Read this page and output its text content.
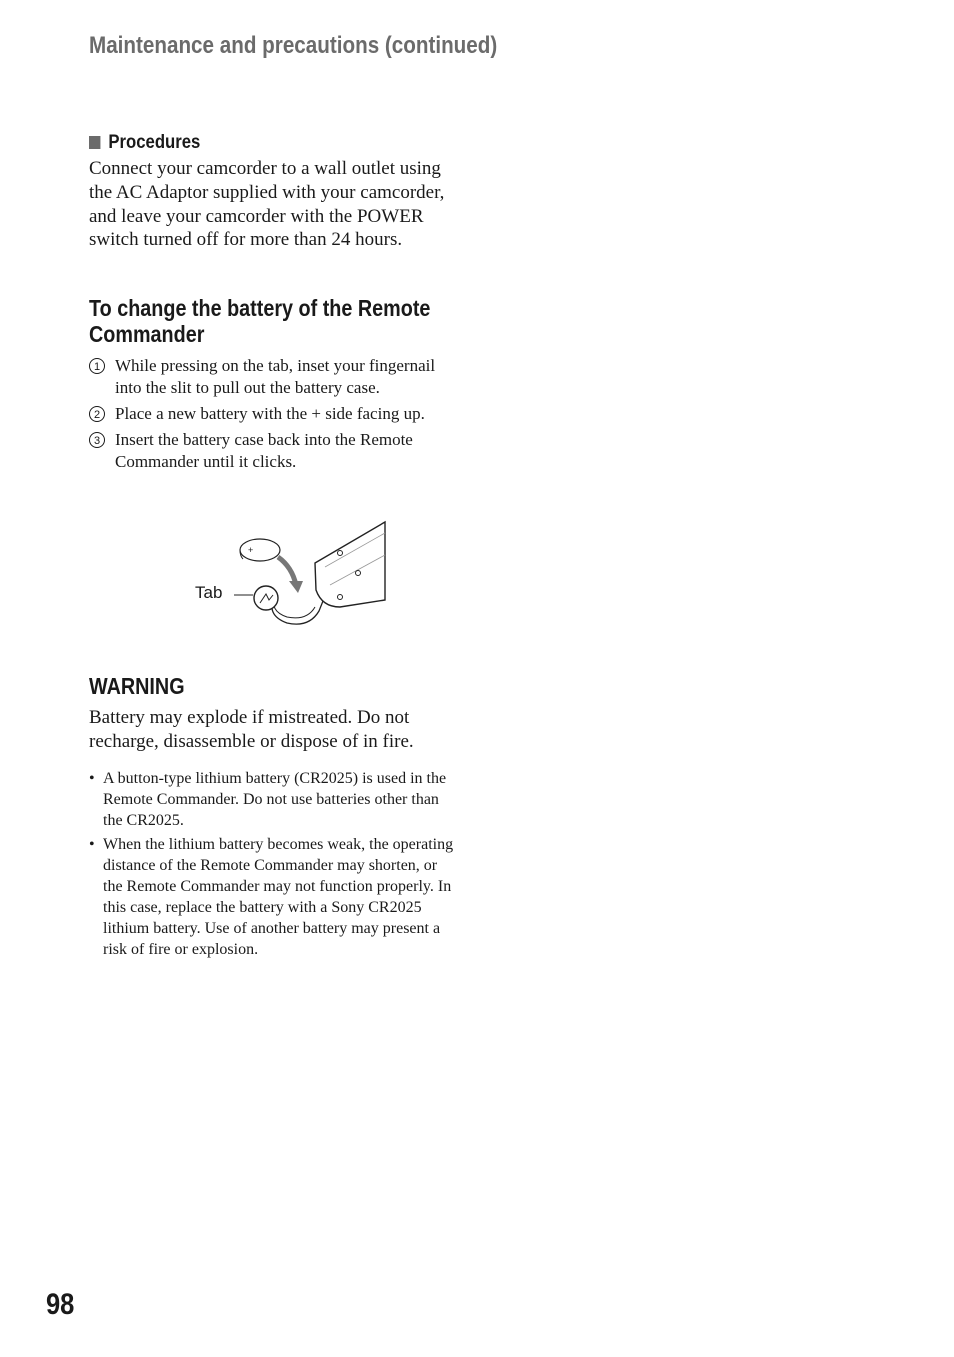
Maintenance and precautions (continued)
Procedures

Connect your camcorder to a wall outlet using the AC Adaptor supplied with your camcorder, and leave your camcorder with the POWER switch turned off for more than 24 hours.

To change the battery of the Remote Commander
1 While pressing on the tab, inset your fingernail into the slit to pull out the battery case.
2 Place a new battery with the + side facing up.
3 Insert the battery case back into the Remote Commander until it clicks.
+
Tab
WARNING

Battery may explode if mistreated. Do not recharge, disassemble or dispose of in fire.

• A button-type lithium battery (CR2025) is used in the Remote Commander. Do not use batteries other than the CR2025.
• When the lithium battery becomes weak, the operating distance of the Remote Commander may shorten, or the Remote Commander may not function properly. In this case, replace the battery with a Sony CR2025 lithium battery. Use of another battery may present a risk of fire or explosion.
98
